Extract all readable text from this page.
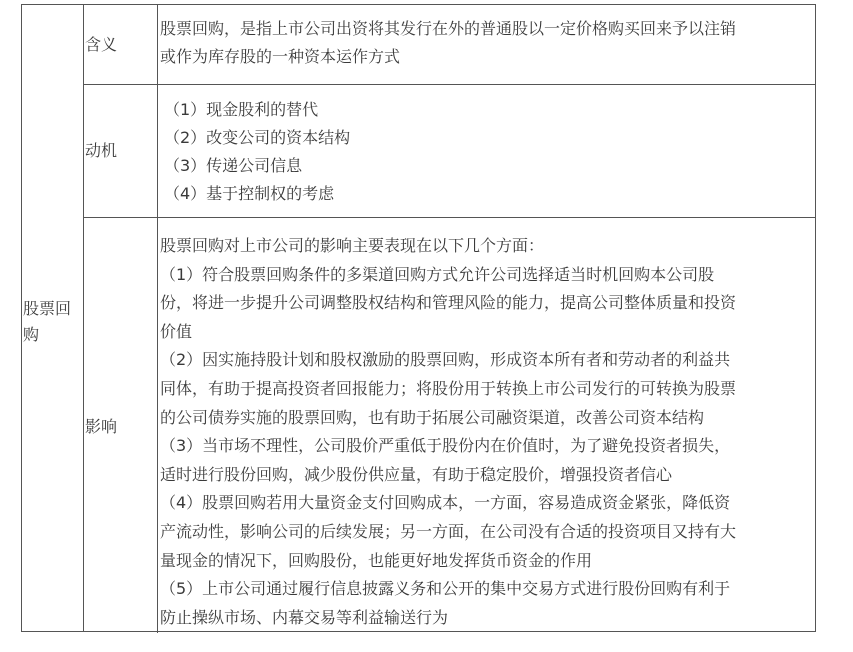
股票回
购
含义
股票回购，是指上市公司出资将其发行在外的普通股以一定价格购买回来予以注销
或作为库存股的一种资本运作方式
动机
（1）现金股利的替代
（2）改变公司的资本结构
（3）传递公司信息
（4）基于控制权的考虑
影响
股票回购对上市公司的影响主要表现在以下几个方面：
（1）符合股票回购条件的多渠道回购方式允许公司选择适当时机回购本公司股
份，将进一步提升公司调整股权结构和管理风险的能力，提高公司整体质量和投资
价值
（2）因实施持股计划和股权激励的股票回购，形成资本所有者和劳动者的利益共
同体，有助于提高投资者回报能力；将股份用于转换上市公司发行的可转换为股票
的公司债券实施的股票回购，也有助于拓展公司融资渠道，改善公司资本结构
（3）当市场不理性，公司股价严重低于股份内在价值时，为了避免投资者损失，
适时进行股份回购，减少股份供应量，有助于稳定股价，增强投资者信心
（4）股票回购若用大量资金支付回购成本，一方面，容易造成资金紧张，降低资
产流动性，影响公司的后续发展；另一方面，在公司没有合适的投资项目又持有大
量现金的情况下，回购股份，也能更好地发挥货币资金的作用
（5）上市公司通过履行信息披露义务和公开的集中交易方式进行股份回购有利于
防止操纵市场、内幕交易等利益输送行为
